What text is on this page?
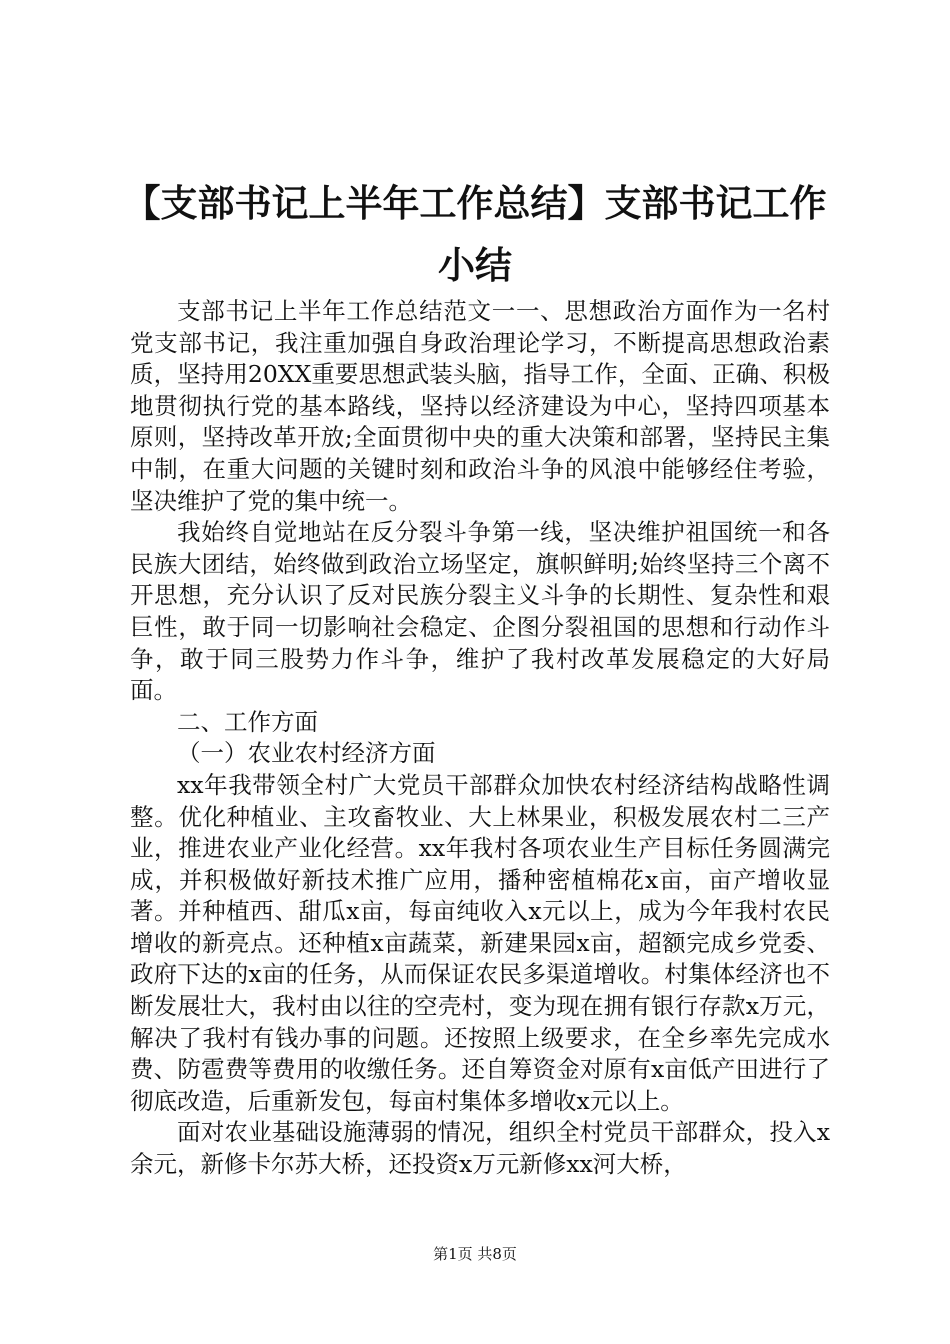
【支部书记上半年工作总结】支部书记工作小结

支部书记上半年工作总结范文一一、思想政治方面作为一名村党支部书记，我注重加强自身政治理论学习，不断提高思想政治素质，坚持用20XX重要思想武装头脑，指导工作，全面、正确、积极地贯彻执行党的基本路线，坚持以经济建设为中心，坚持四项基本原则，坚持改革开放;全面贯彻中央的重大决策和部署，坚持民主集中制，在重大问题的关键时刻和政治斗争的风浪中能够经住考验，坚决维护了党的集中统一。

我始终自觉地站在反分裂斗争第一线，坚决维护祖国统一和各民族大团结，始终做到政治立场坚定，旗帜鲜明;始终坚持三个离不开思想，充分认识了反对民族分裂主义斗争的长期性、复杂性和艰巨性，敢于同一切影响社会稳定、企图分裂祖国的思想和行动作斗争，敢于同三股势力作斗争，维护了我村改革发展稳定的大好局面。

二、工作方面

（一）农业农村经济方面

xx年我带领全村广大党员干部群众加快农村经济结构战略性调整。优化种植业、主攻畜牧业、大上林果业，积极发展农村二三产业，推进农业产业化经营。xx年我村各项农业生产目标任务圆满完成，并积极做好新技术推广应用，播种密植棉花x亩，亩产增收显著。并种植西、甜瓜x亩，每亩纯收入x元以上，成为今年我村农民增收的新亮点。还种植x亩蔬菜，新建果园x亩，超额完成乡党委、政府下达的x亩的任务，从而保证农民多渠道增收。村集体经济也不断发展壮大，我村由以往的空壳村，变为现在拥有银行存款x万元，解决了我村有钱办事的问题。还按照上级要求，在全乡率先完成水费、防雹费等费用的收缴任务。还自筹资金对原有x亩低产田进行了彻底改造，后重新发包，每亩村集体多增收x元以上。

面对农业基础设施薄弱的情况，组织全村党员干部群众，投入x余元，新修卡尔苏大桥，还投资x万元新修xx河大桥，

第1页 共8页
